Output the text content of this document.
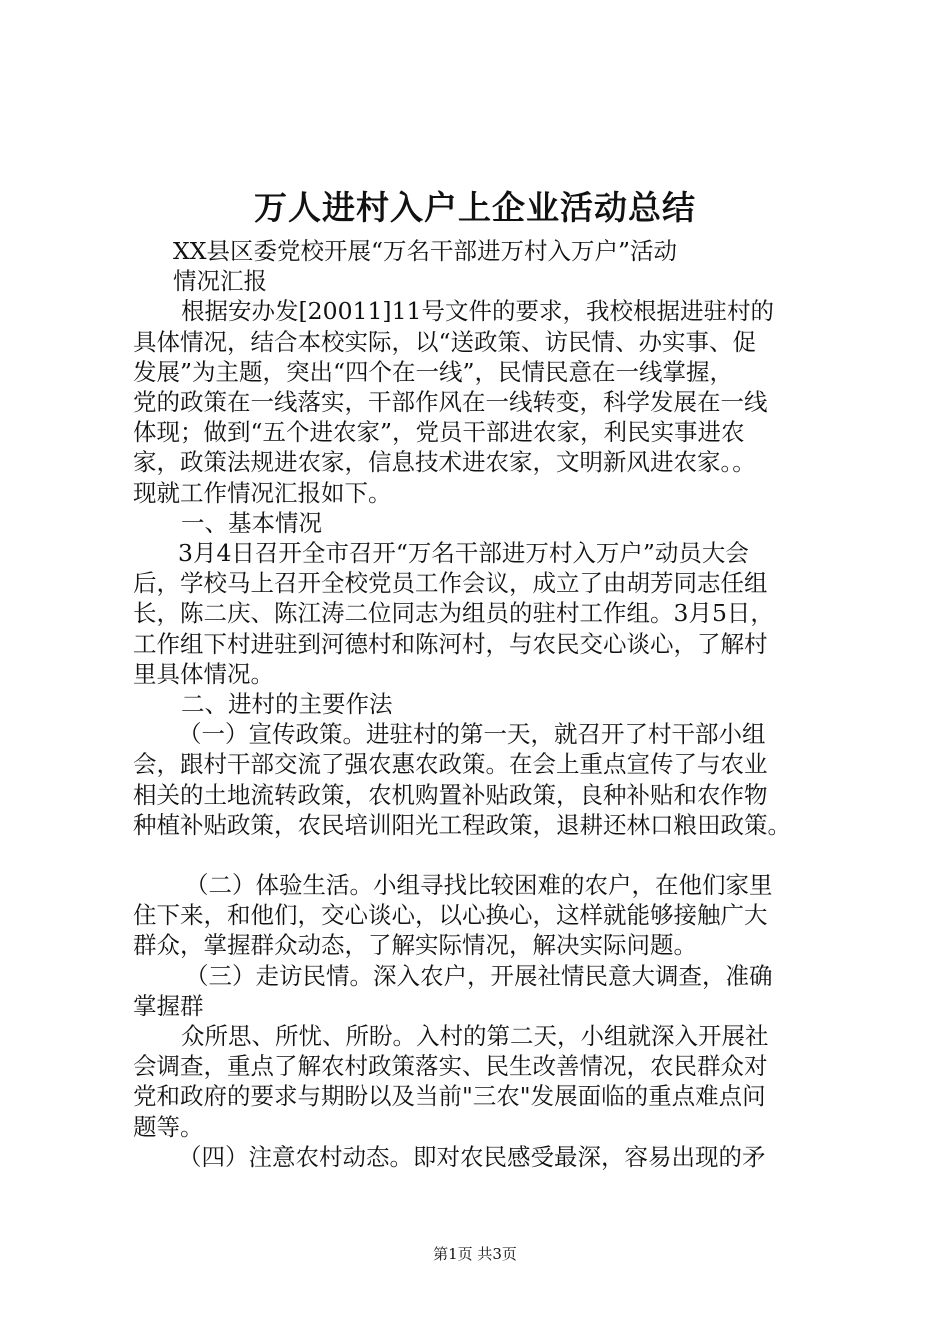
万人进村入户上企业活动总结

XX县区委党校开展“万名干部进万村入万户”活动

情况汇报

根据安办发[20011]11号文件的要求，我校根据进驻村的

具体情况，结合本校实际，以“送政策、访民情、办实事、促

发展”为主题，突出“四个在一线”，民情民意在一线掌握，

党的政策在一线落实，干部作风在一线转变，科学发展在一线

体现；做到“五个进农家”，党员干部进农家，利民实事进农

家，政策法规进农家，信息技术进农家，文明新风进农家。。

现就工作情况汇报如下。

一、基本情况

3月4日召开全市召开“万名干部进万村入万户”动员大会

后，学校马上召开全校党员工作会议，成立了由胡芳同志任组

长，陈二庆、陈江涛二位同志为组员的驻村工作组。3月5日，

工作组下村进驻到河德村和陈河村，与农民交心谈心，了解村

里具体情况。

二、进村的主要作法

（一）宣传政策。进驻村的第一天，就召开了村干部小组

会，跟村干部交流了强农惠农政策。在会上重点宣传了与农业

相关的土地流转政策，农机购置补贴政策，良种补贴和农作物

种植补贴政策，农民培训阳光工程政策，退耕还林口粮田政策。

（二）体验生活。小组寻找比较困难的农户，在他们家里

住下来，和他们，交心谈心，以心换心，这样就能够接触广大

群众，掌握群众动态，了解实际情况，解决实际问题。

（三）走访民情。深入农户，开展社情民意大调查，准确

掌握群

众所思、所忧、所盼。入村的第二天，小组就深入开展社

会调查，重点了解农村政策落实、民生改善情况，农民群众对

党和政府的要求与期盼以及当前"三农"发展面临的重点难点问

题等。

（四）注意农村动态。即对农民感受最深，容易出现的矛

第1页 共3页
